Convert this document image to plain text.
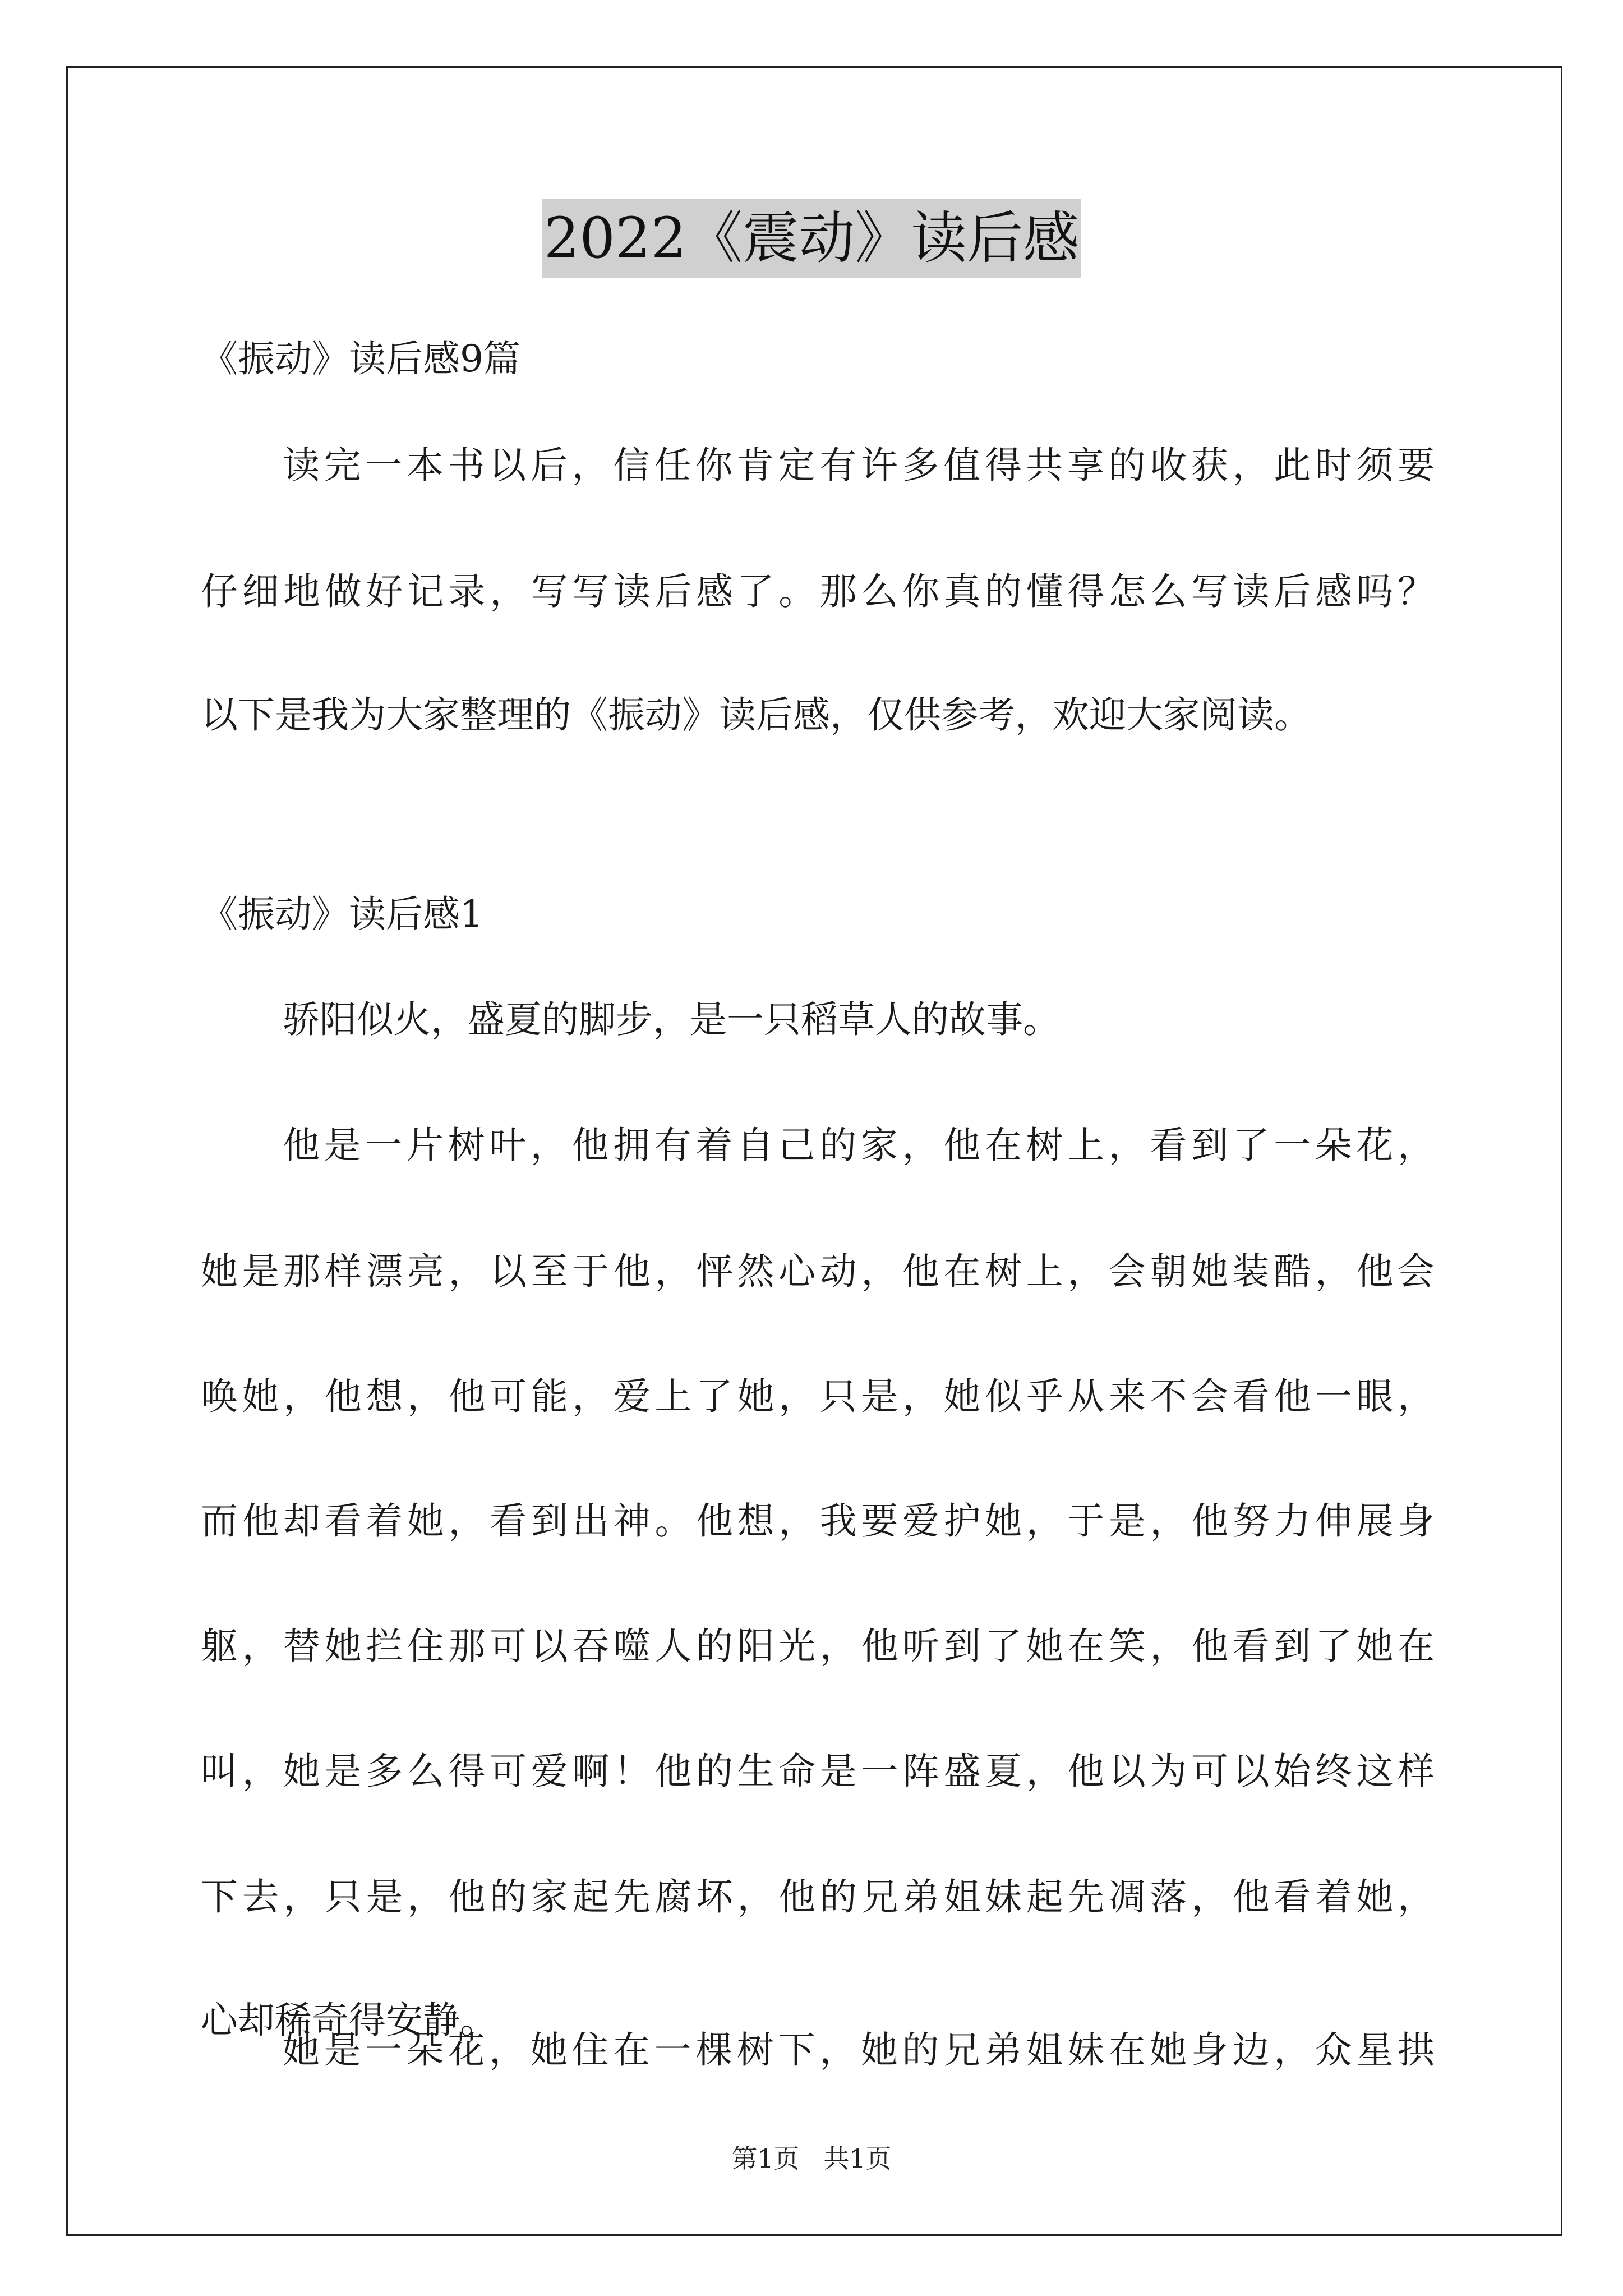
2022《震动》读后感
《振动》读后感9篇
读完一本书以后，信任你肯定有许多值得共享的收获，此时须要
仔细地做好记录，写写读后感了。那么你真的懂得怎么写读后感吗？
以下是我为大家整理的《振动》读后感，仅供参考，欢迎大家阅读。
《振动》读后感1
骄阳似火，盛夏的脚步，是一只稻草人的故事。
他是一片树叶，他拥有着自己的家，他在树上，看到了一朵花，
她是那样漂亮，以至于他，怦然心动，他在树上，会朝她装酷，他会
唤她，他想，他可能，爱上了她，只是，她似乎从来不会看他一眼，
而他却看着她，看到出神。他想，我要爱护她，于是，他努力伸展身
躯，替她拦住那可以吞噬人的阳光，他听到了她在笑，他看到了她在
叫，她是多么得可爱啊！他的生命是一阵盛夏，他以为可以始终这样
下去，只是，他的家起先腐坏，他的兄弟姐妹起先凋落，他看着她，
心却稀奇得安静。
她是一朵花，她住在一棵树下，她的兄弟姐妹在她身边，众星拱
第1页 共1页
